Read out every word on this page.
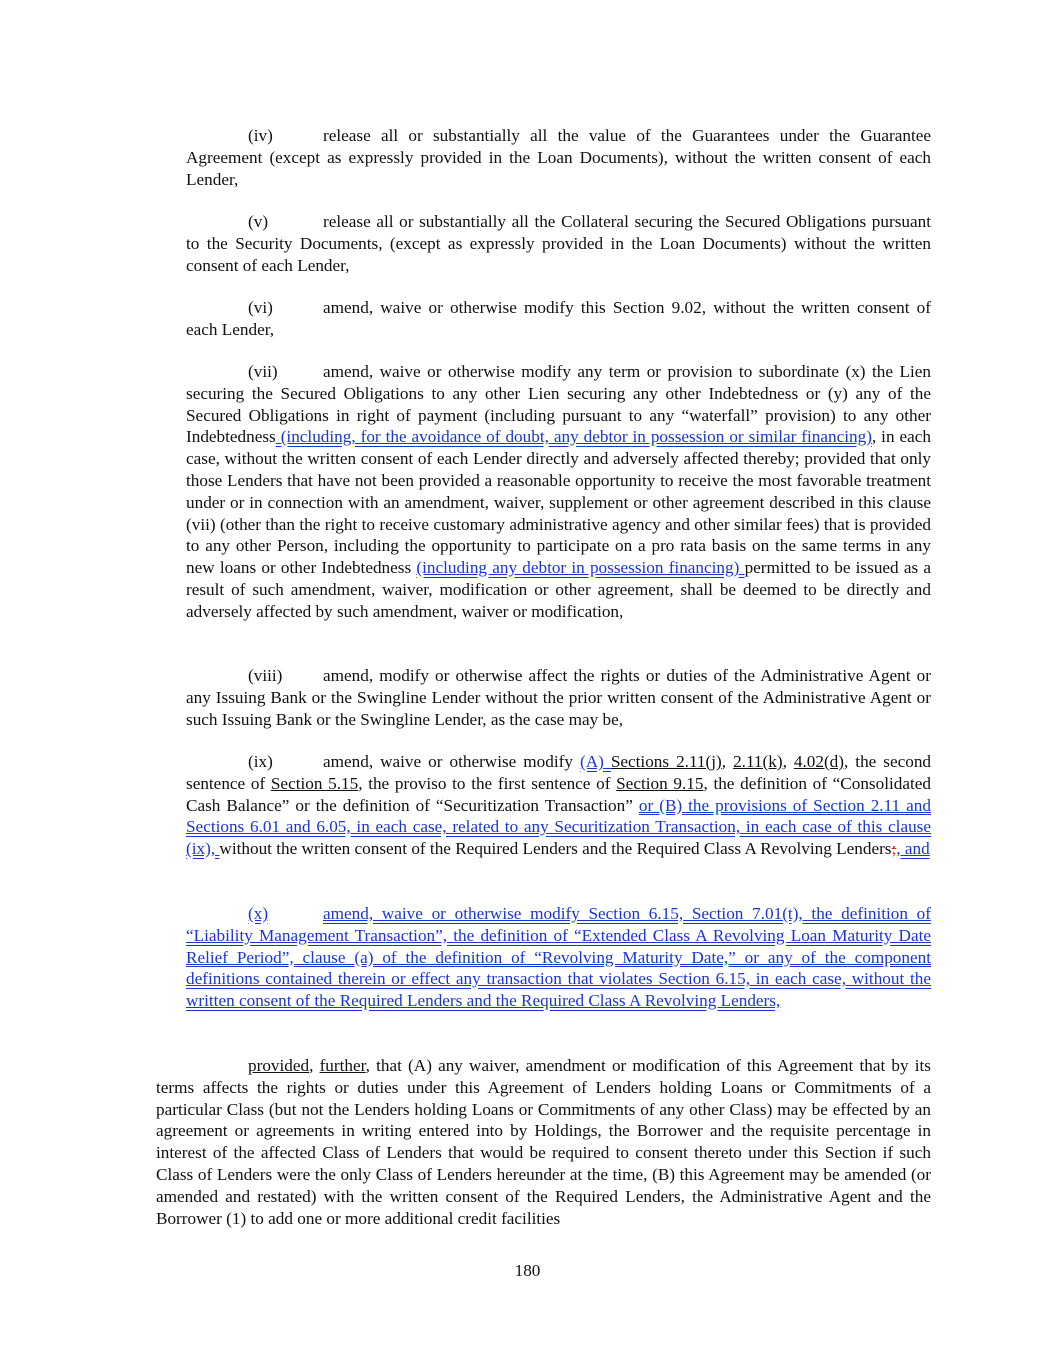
(iv)	release all or substantially all the value of the Guarantees under the Guarantee Agreement (except as expressly provided in the Loan Documents), without the written consent of each Lender,

(v)	release all or substantially all the Collateral securing the Secured Obligations pursuant to the Security Documents, (except as expressly provided in the Loan Documents) without the written consent of each Lender,

(vi)	amend, waive or otherwise modify this Section 9.02, without the written consent of each Lender,

(vii)	amend, waive or otherwise modify any term or provision to subordinate (x) the Lien securing the Secured Obligations to any other Lien securing any other Indebtedness or (y) any of the Secured Obligations in right of payment (including pursuant to any “waterfall” provision) to any other Indebtedness (including, for the avoidance of doubt, any debtor in possession or similar financing), in each case, without the written consent of each Lender directly and adversely affected thereby; provided that only those Lenders that have not been provided a reasonable opportunity to receive the most favorable treatment under or in connection with an amendment, waiver, supplement or other agreement described in this clause (vii) (other than the right to receive customary administrative agency and other similar fees) that is provided to any other Person, including the opportunity to participate on a pro rata basis on the same terms in any new loans or other Indebtedness (including any debtor in possession financing) permitted to be issued as a result of such amendment, waiver, modification or other agreement, shall be deemed to be directly and adversely affected by such amendment, waiver or modification,

(viii) amend, modify or otherwise affect the rights or duties of the Administrative Agent or any Issuing Bank or the Swingline Lender without the prior written consent of the Administrative Agent or such Issuing Bank or the Swingline Lender, as the case may be,

(ix)	amend, waive or otherwise modify (A) Sections 2.11(j), 2.11(k), 4.02(d), the second sentence of Section 5.15, the proviso to the first sentence of Section 9.15, the definition of “Consolidated Cash Balance” or the definition of “Securitization Transaction” or (B) the provisions of Section 2.11 and Sections 6.01 and 6.05, in each case, related to any Securitization Transaction, in each case of this clause (ix), without the written consent of the Required Lenders and the Required Class A Revolving Lenders;, and

(x)	amend, waive or otherwise modify Section 6.15, Section 7.01(t), the definition of “Liability Management Transaction”, the definition of “Extended Class A Revolving Loan Maturity Date Relief Period”, clause (a) of the definition of “Revolving Maturity Date,” or any of the component definitions contained therein or effect any transaction that violates Section 6.15, in each case, without the written consent of the Required Lenders and the Required Class A Revolving Lenders,

provided, further, that (A) any waiver, amendment or modification of this Agreement that by its terms affects the rights or duties under this Agreement of Lenders holding Loans or Commitments of a particular Class (but not the Lenders holding Loans or Commitments of any other Class) may be effected by an agreement or agreements in writing entered into by Holdings, the Borrower and the requisite percentage in interest of the affected Class of Lenders that would be required to consent thereto under this Section if such Class of Lenders were the only Class of Lenders hereunder at the time, (B) this Agreement may be amended (or amended and restated) with the written consent of the Required Lenders, the Administrative Agent and the Borrower (1) to add one or more additional credit facilities

180
